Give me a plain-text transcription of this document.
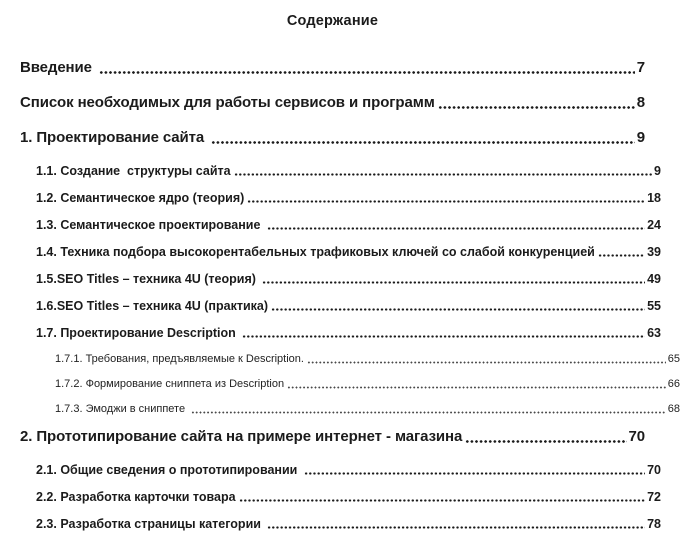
Содержание
Введение	7
Список необходимых для работы сервисов и программ	8
1. Проектирование сайта	9
1.1. Создание  структуры сайта	9
1.2. Семантическое ядро (теория)	18
1.3. Семантическое проектирование	24
1.4. Техника подбора высокорентабельных трафиковых ключей со слабой конкуренцией	39
1.5.SEO Titles – техника 4U (теория)	49
1.6.SEO Titles – техника 4U (практика)	55
1.7. Проектирование Description	63
1.7.1. Требования, предъявляемые к Description.	65
1.7.2. Формирование сниппета из Description	66
1.7.3. Эмоджи в сниппете	68
2. Прототипирование сайта на примере интернет - магазина	70
2.1. Общие сведения о прототипировании	70
2.2. Разработка карточки товара	72
2.3. Разработка страницы категории	78
